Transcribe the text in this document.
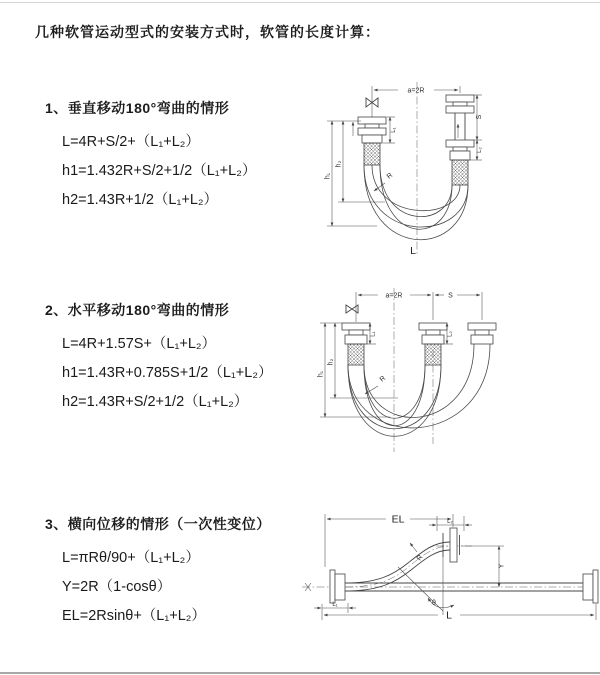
几种软管运动型式的安装方式时，软管的长度计算：
1、垂直移动180°弯曲的情形
L=4R+S/2+（L₁+L₂）
h1=1.432R+S/2+1/2（L₁+L₂）
h2=1.43R+1/2（L₁+L₂）
2、水平移动180°弯曲的情形
L=4R+1.57S+（L₁+L₂）
h1=1.43R+0.785S+1/2（L₁+L₂）
h2=1.43R+S/2+1/2（L₁+L₂）
3、横向位移的情形（一次性变位）
L=πRθ/90+（L₁+L₂）
Y=2R（1-cosθ）
EL=2Rsinθ+（L₁+L₂）
a=2R
h₁
h₂
L₁
S
L₂
R
L
a=2R	S
h₁
h₂
L₁	L₂
R
EL	L₂
Y
θ
R
L₁
L
